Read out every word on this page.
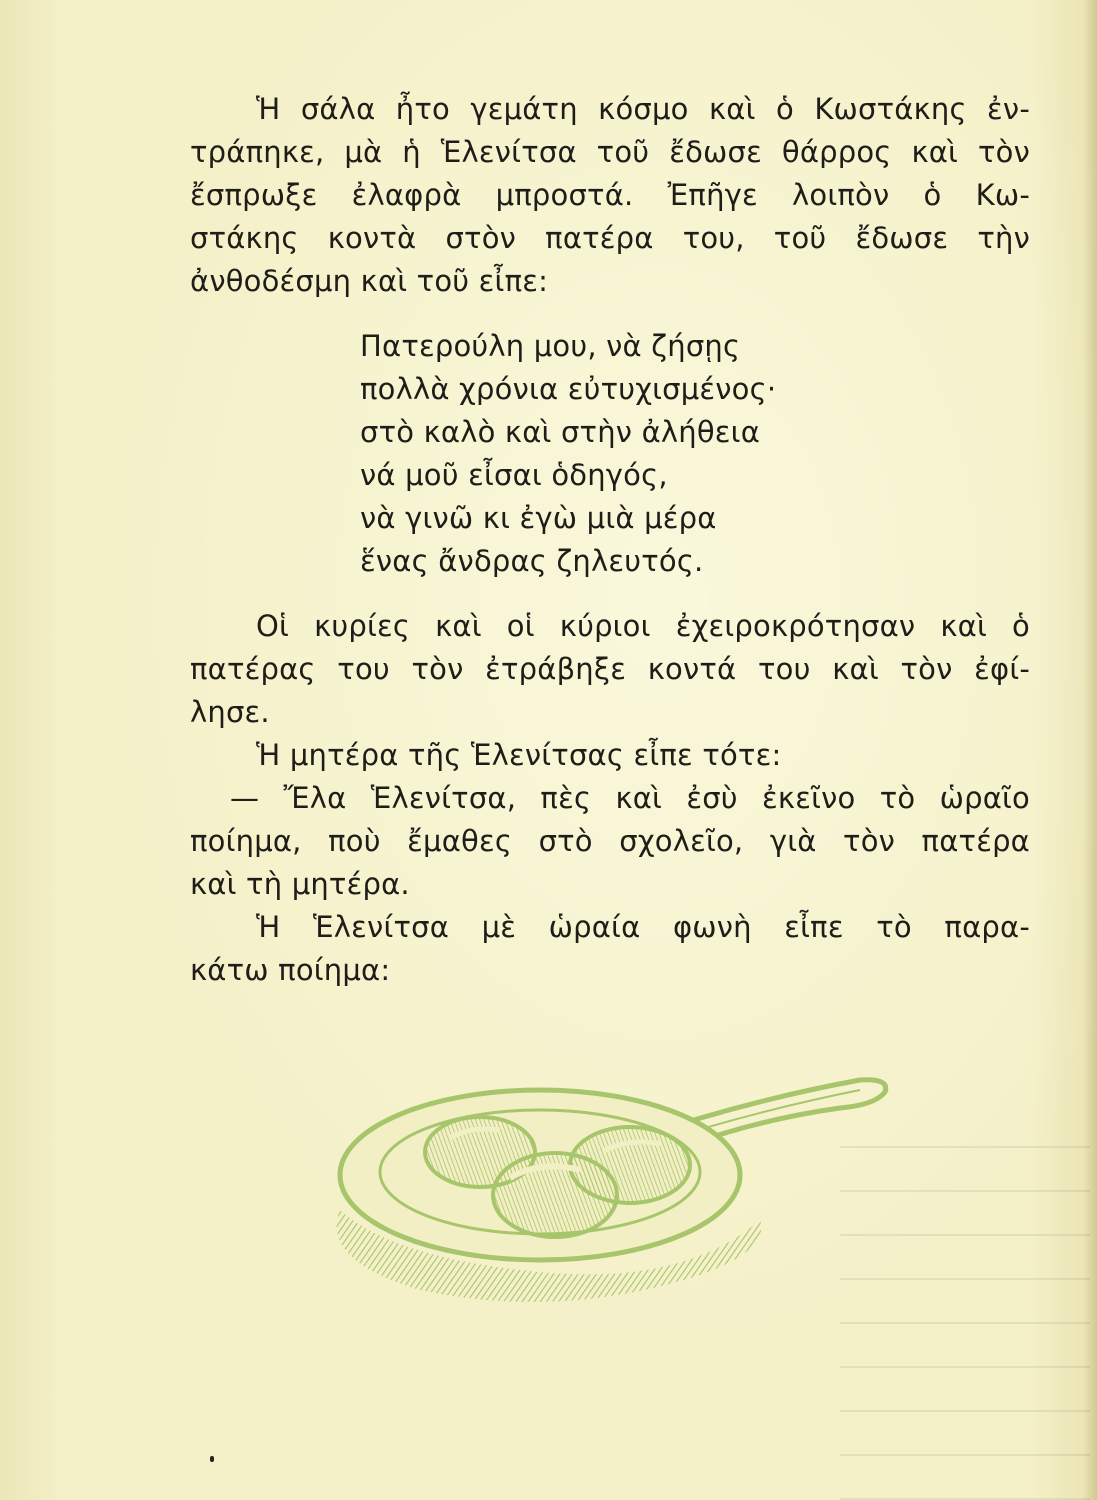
Ἡ σάλα ἦτο γεμάτη κόσμο καὶ ὁ Κωστάκης ἐν-
τράπηκε, μὰ ἡ Ἑλενίτσα τοῦ ἔδωσε θάρρος καὶ τὸν
ἔσπρωξε ἐλαφρὰ μπροστά. Ἐπῆγε λοιπὸν ὁ Κω-
στάκης κοντὰ στὸν πατέρα του, τοῦ ἔδωσε τὴν
ἀνθοδέσμη καὶ τοῦ εἶπε:

Πατερούλη μου, νὰ ζήσῃς
πολλὰ χρόνια εὐτυχισμένος·
στὸ καλὸ καὶ στὴν ἀλήθεια
νά μοῦ εἶσαι ὁδηγός,
νὰ γινῶ κι ἐγὼ μιὰ μέρα
ἕνας ἄνδρας ζηλευτός.

Οἱ κυρίες καὶ οἱ κύριοι ἐχειροκρότησαν καὶ ὁ
πατέρας του τὸν ἐτράβηξε κοντά του καὶ τὸν ἐφί-
λησε.

Ἡ μητέρα τῆς Ἑλενίτσας εἶπε τότε:

— Ἔλα Ἑλενίτσα, πὲς καὶ ἐσὺ ἐκεῖνο τὸ ὡραῖο
ποίημα, ποὺ ἔμαθες στὸ σχολεῖο, γιὰ τὸν πατέρα
καὶ τὴ μητέρα.

Ἡ Ἑλενίτσα μὲ ὡραία φωνὴ εἶπε τὸ παρα-
κάτω ποίημα:
